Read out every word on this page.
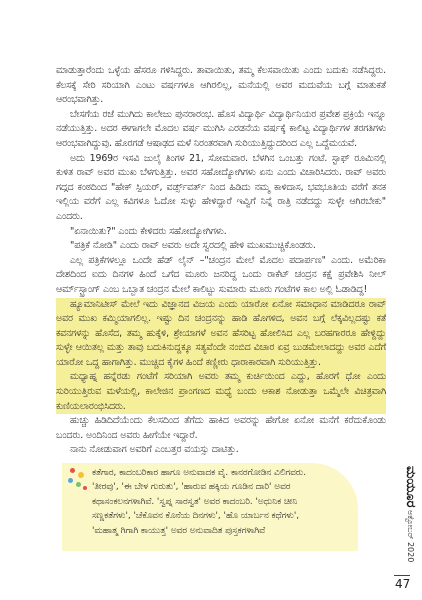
ಮಾಡುತ್ತಾರೆಂದು ಒಳ್ಳೆಯ ಹೆಸರೂ ಗಳಿಸಿದ್ದರು. ತಾವಾಯಿತು, ತಮ್ಮ ಕೆಲಸವಾಯಿತು ಎಂದು ಬದುಕು ನಡೆಸಿದ್ದರು. ಕೆಲಸಕ್ಕೆ ಸೇರಿ ಸರಿಯಾಗಿ ಎಂಟು ವರ್ಷಗಳೂ ಆಗಿರಲಿಲ್ಲ, ಮನೆಯಲ್ಲಿ ಅವರ ಮದುವೆಯ ಬಗ್ಗೆ ಮಾತುಕತೆ ಆರಂಭವಾಗಿತ್ತು.

ಬೇಸಗೆಯ ರಜೆ ಮುಗಿದು ಕಾಲೇಜು ಪುನರಾರಂಭ. ಹೊಸ ವಿದ್ಯಾರ್ಥಿ ವಿದ್ಯಾರ್ಥಿನಿಯರ ಪ್ರವೇಶ ಪ್ರಕ್ರಿಯೆ ಇನ್ನೂ ನಡೆಯುತ್ತಿತ್ತು. ಅದರ ಈಗಾಗಲೇ ಮೊದಲ ವರ್ಷ ಮುಗಿಸಿ ಎರಡನೆಯ ವರ್ಷಕ್ಕೆ ಕಾಲಿಟ್ಟ ವಿದ್ಯಾರ್ಥಿಗಳ ತರಗತಿಗಳು ಆರಂಭವಾಗಿದ್ದುವು. ಹೊರಗಡೆ ಆಷಾಢದ ಮಳೆ ನಿರಂತರವಾಗಿ ಸುರಿಯುತ್ತಿದ್ದುದರಿಂದ ಎಲ್ಲ ಒದ್ದೆಮಯವೆ.

ಅದು 1969ರ ಇಸವಿ ಜುಲೈ ತಿಂಗಳ 21, ಸೋಮವಾರ. ಬೆಳಗಿನ ಒಂಬತ್ತು ಗಂಟೆ. ಸ್ಟಾಫ್ ರೂಮಿನಲ್ಲಿ ಕುಳಿತ ರಾವ್ ಅವರ ಮುಖ ಬೆಳಗುತ್ತಿತ್ತು. ಅವರ ಸಹೋದ್ಯೋಗಿಗಳು ಏನು ಎಂದು ವಿಚಾರಿಸಿದರು. ರಾವ್ ಅವರು ಗದ್ಗದ ಕಂಠದಿಂದ "ಹೇಕ್ ಸ್ಪಿಯರ್, ವರ್ಡ್ಸ್‌ವರ್ತ್ ನಿಂದ ಹಿಡಿದು ನಮ್ಮ ಕಾಳಿದಾಸ, ಭವಭೂತಿಯ ವರೆಗೆ ತನಕ ಇಲ್ಲಿಯ ವರೆಗೆ ಎಲ್ಲ ಕವಿಗಳೂ ಓದೋ ಸುಳ್ಳು ಹೇಳಿದ್ದಾರೆ ಇವ್ವಿಗೆ ನಿನ್ನೆ ರಾತ್ರಿ ನಡೆದದ್ದು ಸುಳ್ಳೇ ಆಗಿರಬೇಕು" ಎಂದರು.

"ಏನಾಯಿತು?" ಎಂದು ಕೇಳಿದರು ಸಹೋದ್ಯೋಗಿಗಳು.

"ಪತ್ರಿಕೆ ನೋಡಿ" ಎಂದು ರಾವ್ ಅವರು ಅದೇ ಸ್ವರದಲ್ಲಿ ಹೇಳಿ ಮುಖಮುಚ್ಚಿಕೊಂಡರು.

ಎಲ್ಲ ಪತ್ರಿಕೆಗಳಲ್ಲೂ ಒಂದೇ ಹೆಡ್ ಲೈನ್ –"ಚಂದ್ರನ ಮೇಲೆ ಮೊದಲ ಪದಾರ್ಪಣ" ಎಂದು. ಅಮೆರಿಕಾ ದೇಶದಿಂದ ಐದು ದಿನಗಳ ಹಿಂದೆ ಒಗೆದ ಮೂರು ಜನರಿದ್ದ ಒಂದು ರಾಕೆಟ್ ಚಂದ್ರನ ಕಕ್ಷೆ ಪ್ರವೇಶಿಸಿ ನೀಲ್ ಆರ್ಮ್‌ಸ್ಟ್ರಾಂಗ್ ಎಂಬ ಒಬ್ಬಾತ ಚಂದ್ರನ ಮೇಲೆ ಕಾಲಿಟ್ಟು ಸುಮಾರು ಮೂರು ಗಂಟೆಗಳ ಕಾಲ ಅಲ್ಲಿ ಓಡಾಡಿದ್ದ!

ಹ್ಯೂಮಾನಿಟೀಸ್ ಮೇಲೆ ಇದು ವಿಜ್ಞಾನದ ವಿಜಯ ಎಂದು ಯಾರೋ ಏನೋ ಸಮಾಧಾನ ಮಾಡಿದರೂ ರಾವ್ ಅವರ ಮುಖ ಕಮ್ಮಿಯಾಗಲಿಲ್ಲ. ಇಷ್ಟು ದಿನ ಚಂದ್ರನನ್ನು ಹಾಡಿ ಹೊಗಳಿದ, ಅವನ ಬಗ್ಗೆ ಲೆಕ್ಕವಿಲ್ಲದಷ್ಟು ಕತೆ ಕವನಗಳನ್ನು ಹೊಸೆದ, ತಮ್ಮ ಹುಕ್ಕೆಳಿ, ಶ್ರೇಯಾಗಳೆ ಅವನ ಹೆಸರಿಟ್ಟ ಹೋಲಿಸಿದ ಎಲ್ಲ ಬರಹಗಾರರೂ ಹೇಳ್ದಿದ್ದು ಸುಳ್ಳೇ ಆಯಿತಲ್ಲ ಮತ್ತು ತಾವು ಬದುಕಿನುದ್ದಕ್ಕೂ ಸತ್ಯವೆಂದೇ ನಂಬಿದ ವಿಚಾರ ಏವ್ರ ಬುಡಮೇಲಾದದ್ದು ಅವರ ಎದೆಗೆ ಯಾರೋ ಒದ್ದ ಹಾಗಾಗಿತ್ತು. ಮುಚ್ಚಿದ ಕೈಗಳ ಹಿಂದೆ ಕಣ್ಣೀರು ಧಾರಾಕಾರವಾಗಿ ಸುರಿಯುತ್ತಿತ್ತು.

ಮಧ್ಯಾಹ್ನ ಹನ್ನೆರಡು ಗಂಟೆಗೆ ಸರಿಯಾಗಿ ಅವರು ತಮ್ಮ ಕುರ್ಚಿಯಿಂದ ಎದ್ದು, ಹೊರಗೆ ಧೋ ಎಂದು ಸುರಿಯುತ್ತಿರುವ ಮಳೆಯಲ್ಲಿ, ಕಾಲೇಜಿನ ಪ್ರಾಂಗಣದ ಮಧ್ಯೆ ಬಂದು ಆಕಾಶ ನೋಡುತ್ತಾ ಒಮ್ಮೆಲೇ ವಿಚಿತ್ರವಾಗಿ ಕುಣಿಯಲಾರಂಭಿಸಿದರು.

ಹುಚ್ಚು ಹಿಡಿದಿದೆಯೆಂದು ಕೆಲಸದಿಂದ ತೆಗೆದು ಹಾಕಿದ ಅವರನ್ನು ಹೇಗೋ ಏನೋ ಮನೆಗೆ ಕರೆದುಕೊಂಡು ಬಂದರು. ಅಂದಿನಿಂದ ಅವರು ಹೀಗೆಯೇ ಇದ್ದಾರೆ.

ನಾನು ನೋಡುವಾಗ ಅವರಿಗೆ ಎಂಬತ್ತರ ವಯಸ್ಸು ದಾಟಿತ್ತು.

ಕತೆಗಾರ, ಕಾದಂಬರಿಕಾರ ಹಾಗೂ ಅನುವಾದಕ ವೈ. ಕಾನರಗೋಡಿನ ವಿಲಿಗವರು.
'ತೀರವು', 'ಈ ಬೇಳ ಗುರುತು', 'ಹಾರುವ ಹಕ್ಕಿಯ ಗೂಡಿನ ದಾರಿ' ಅವರ
ಕಥಾಸಂಕಲನಗಳಾಗಿವೆ. 'ಸ್ವಪ್ನ ಸಾರಸ್ವತ' ಅವರ ಕಾದಂಬರಿ. 'ಅಧುನಿಕ ಚೀನಿ
ಸಣ್ಣಕತೆಗಳು', 'ಚೆಕೊವನ ಕೊನೆಯ ದಿನಗಳು', 'ಹೊ ಯಾರ್ಬನ ಕಥೆಗಳು',
'ಮಹಾತ್ಮ ಗಿಗಾಗಿ ಕಾಯುತ್ತ' ಅವರ ಅನುವಾದಿತ ಪುಸ್ತಕಗಳಾಗಿವೆ
ಮಯೂರ
ಅಕ್ಟೋಬರ್ 2020
47
